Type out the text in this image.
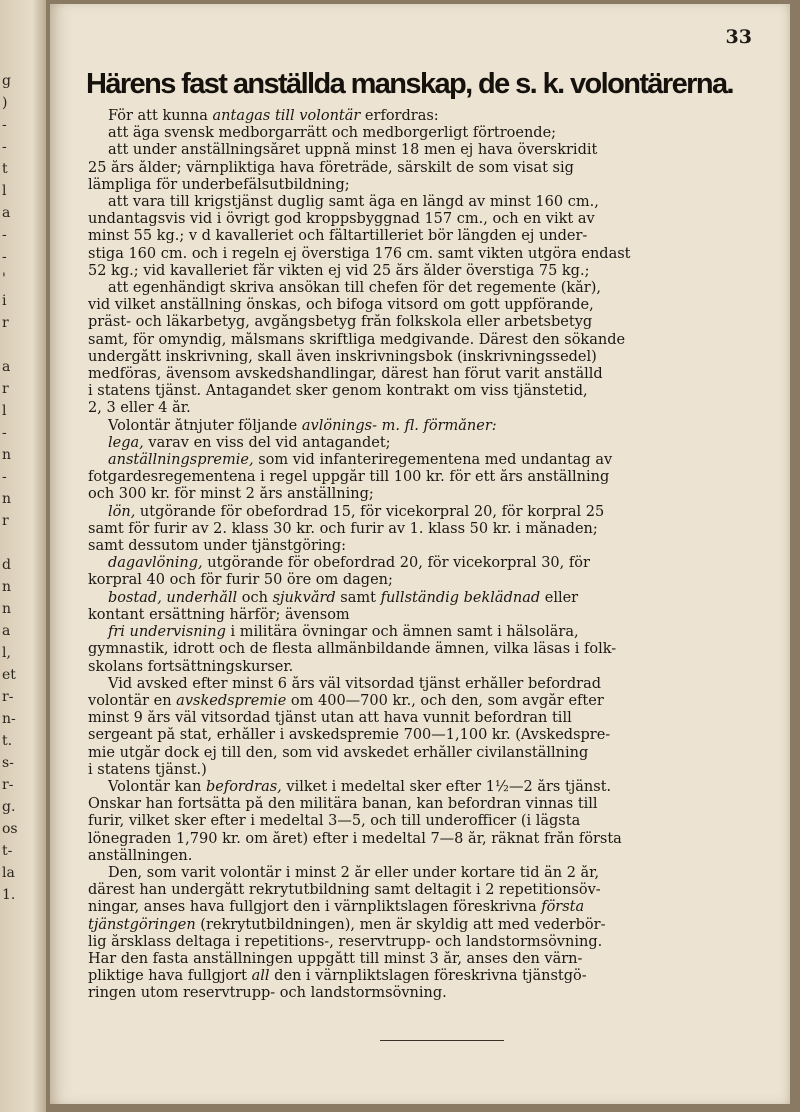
g
)
-
-
t
l
a
-
-
'
i
r
a
r
l
-
n
-
n
r
d
n
n
a
l,
et
r-
n-
t.
s-
r-
g.
os
t-
la
1.
33
Härens fast anställda manskap, de s. k. volontärerna.
För att kunna antagas till volontär erfordras:
att äga svensk medborgarrätt och medborgerligt förtroende;
att under anställningsåret uppnå minst 18 men ej hava överskridit
25 års ålder; värnpliktiga hava företräde, särskilt de som visat sig
lämpliga för underbefälsutbildning;
att vara till krigstjänst duglig samt äga en längd av minst 160 cm.,
undantagsvis vid i övrigt god kroppsbyggnad 157 cm., och en vikt av
minst 55 kg.; v d kavalleriet och fältartilleriet bör längden ej under-
stiga 160 cm. och i regeln ej överstiga 176 cm. samt vikten utgöra endast
52 kg.; vid kavalleriet får vikten ej vid 25 års ålder överstiga 75 kg.;
att egenhändigt skriva ansökan till chefen för det regemente (kår),
vid vilket anställning önskas, och bifoga vitsord om gott uppförande,
präst- och läkarbetyg, avgångsbetyg från folkskola eller arbetsbetyg
samt, för omyndig, målsmans skriftliga medgivande. Därest den sökande
undergått inskrivning, skall även inskrivningsbok (inskrivningssedel)
medföras, ävensom avskedshandlingar, därest han förut varit anställd
i statens tjänst. Antagandet sker genom kontrakt om viss tjänstetid,
2, 3 eller 4 år.
Volontär åtnjuter följande avlönings- m. fl. förmåner:
lega, varav en viss del vid antagandet;
anställningspremie, som vid infanteriregementena med undantag av
fotgardesregementena i regel uppgår till 100 kr. för ett års anställning
och 300 kr. för minst 2 års anställning;
lön, utgörande för obefordrad 15, för vicekorpral 20, för korpral 25
samt för furir av 2. klass 30 kr. och furir av 1. klass 50 kr. i månaden;
samt dessutom under tjänstgöring:
dagavlöning, utgörande för obefordrad 20, för vicekorpral 30, för
korpral 40 och för furir 50 öre om dagen;
bostad, underhåll och sjukvård samt fullständig beklädnad eller
kontant ersättning härför; ävensom
fri undervisning i militära övningar och ämnen samt i hälsolära,
gymnastik, idrott och de flesta allmänbildande ämnen, vilka läsas i folk-
skolans fortsättningskurser.
Vid avsked efter minst 6 års väl vitsordad tjänst erhåller befordrad
volontär en avskedspremie om 400—700 kr., och den, som avgår efter
minst 9 års väl vitsordad tjänst utan att hava vunnit befordran till
sergeant på stat, erhåller i avskedspremie 700—1,100 kr. (Avskedspre-
mie utgår dock ej till den, som vid avskedet erhåller civilanställning
i statens tjänst.)
Volontär kan befordras, vilket i medeltal sker efter 1½—2 års tjänst.
Önskar han fortsätta på den militära banan, kan befordran vinnas till
furir, vilket sker efter i medeltal 3—5, och till underofficer (i lägsta
lönegraden 1,790 kr. om året) efter i medeltal 7—8 år, räknat från första
anställningen.
Den, som varit volontär i minst 2 år eller under kortare tid än 2 år,
därest han undergått rekrytutbildning samt deltagit i 2 repetitionsöv-
ningar, anses hava fullgjort den i värnpliktslagen föreskrivna första
tjänstgöringen (rekrytutbildningen), men är skyldig att med vederbör-
lig årsklass deltaga i repetitions-, reservtrupp- och landstormsövning.
Har den fasta anställningen uppgått till minst 3 år, anses den värn-
pliktige hava fullgjort all den i värnpliktslagen föreskrivna tjänstgö-
ringen utom reservtrupp- och landstormsövning.
